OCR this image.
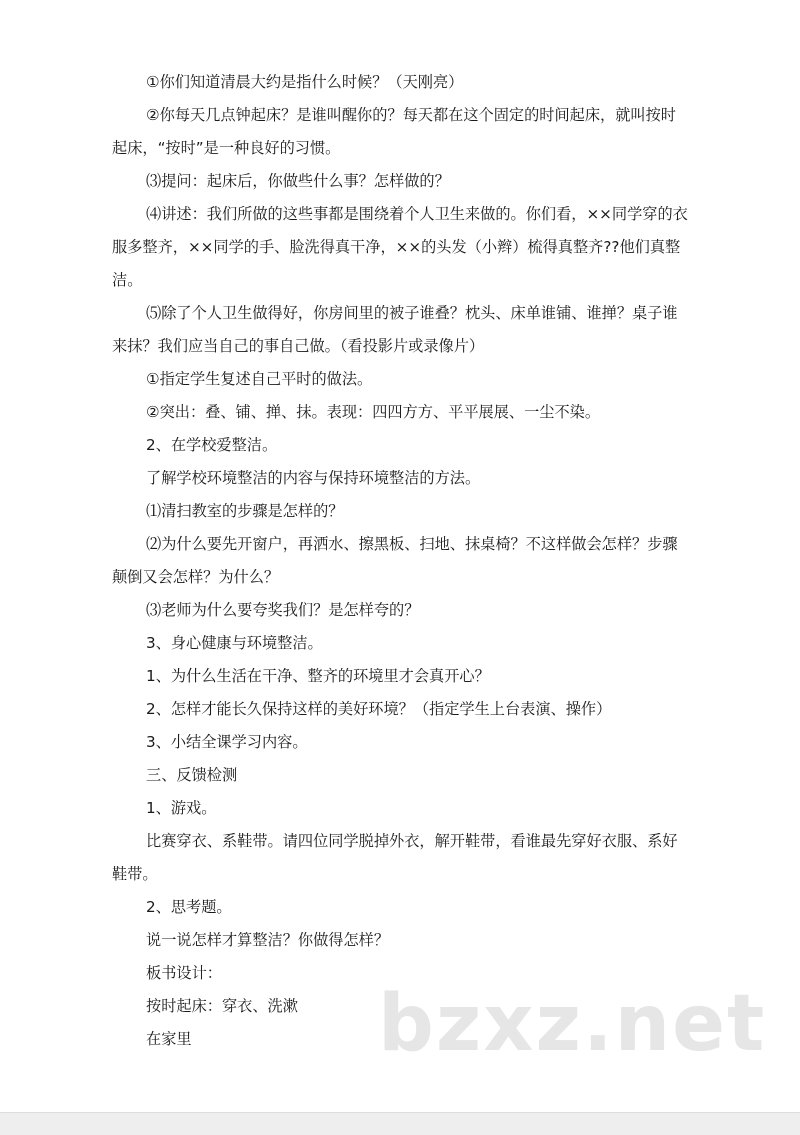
①你们知道清晨大约是指什么时候？（天刚亮）

②你每天几点钟起床？是谁叫醒你的？每天都在这个固定的时间起床，就叫按时起床，“按时”是一种良好的习惯。

⑶提问：起床后，你做些什么事？怎样做的？

⑷讲述：我们所做的这些事都是围绕着个人卫生来做的。你们看，××同学穿的衣服多整齐，××同学的手、脸洗得真干净，××的头发（小辫）梳得真整齐??他们真整洁。

⑸除了个人卫生做得好，你房间里的被子谁叠？枕头、床单谁铺、谁掸？桌子谁来抹？我们应当自己的事自己做。（看投影片或录像片）

①指定学生复述自己平时的做法。

②突出：叠、铺、掸、抹。表现：四四方方、平平展展、一尘不染。

2、在学校爱整洁。

了解学校环境整洁的内容与保持环境整洁的方法。

⑴清扫教室的步骤是怎样的？

⑵为什么要先开窗户，再洒水、擦黑板、扫地、抹桌椅？不这样做会怎样？步骤颠倒又会怎样？为什么？

⑶老师为什么要夸奖我们？是怎样夸的？

3、身心健康与环境整洁。

1、为什么生活在干净、整齐的环境里才会真开心？

2、怎样才能长久保持这样的美好环境？（指定学生上台表演、操作）

3、小结全课学习内容。

三、反馈检测

1、游戏。

比赛穿衣、系鞋带。请四位同学脱掉外衣，解开鞋带，看谁最先穿好衣服、系好鞋带。

2、思考题。

说一说怎样才算整洁？你做得怎样？

板书设计：

按时起床：穿衣、洗漱

在家里	bzxz.net
